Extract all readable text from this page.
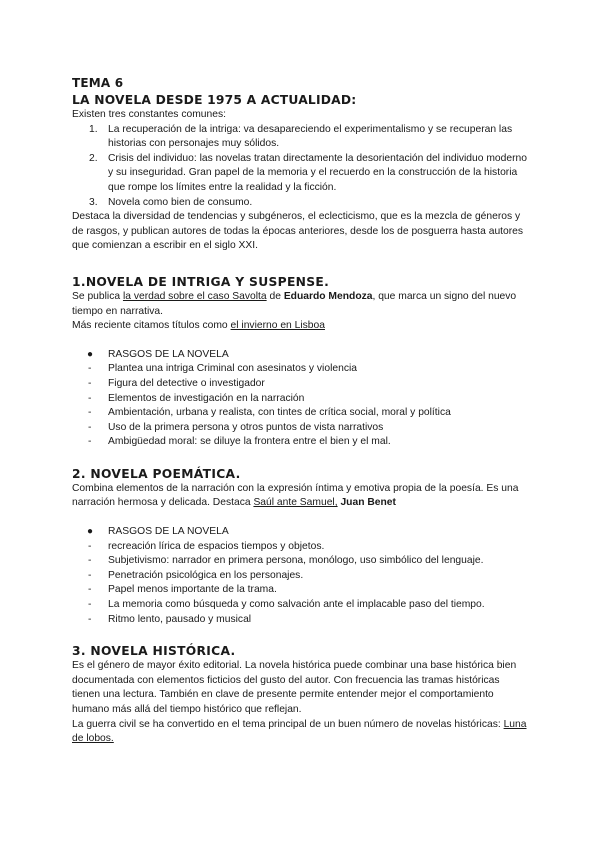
TEMA 6

LA NOVELA DESDE 1975 A ACTUALIDAD:

Existen tres constantes comunes:

1. La recuperación de la intriga: va desapareciendo el experimentalismo y se recuperan las historias con personajes muy sólidos.
2. Crisis del individuo: las novelas tratan directamente la desorientación del individuo moderno y su inseguridad. Gran papel de la memoria y el recuerdo en la construcción de la historia que rompe los límites entre la realidad y la ficción.
3. Novela como bien de consumo.

Destaca la diversidad de tendencias y subgéneros, el eclecticismo, que es la mezcla de géneros y de rasgos, y publican autores de todas la épocas anteriores, desde los de posguerra hasta autores que comienzan a escribir en el siglo XXI.

1.NOVELA DE INTRIGA Y SUSPENSE.

Se publica la verdad sobre el caso Savolta de Eduardo Mendoza, que marca un signo del nuevo tiempo en narrativa.

Más reciente citamos títulos como el invierno en Lisboa

● RASGOS DE LA NOVELA
- Plantea una intriga Criminal con asesinatos y violencia
- Figura del detective o investigador
- Elementos de investigación en la narración
- Ambientación, urbana y realista, con tintes de crítica social, moral y política
- Uso de la primera persona y otros puntos de vista narrativos
- Ambigüedad moral: se diluye la frontera entre el bien y el mal.

2. NOVELA POEMÁTICA.

Combina elementos de la narración con la expresión íntima y emotiva propia de la poesía. Es una narración hermosa y delicada. Destaca Saúl ante Samuel, Juan Benet

● RASGOS DE LA NOVELA
- recreación lírica de espacios tiempos y objetos.
- Subjetivismo: narrador en primera persona, monólogo, uso simbólico del lenguaje.
- Penetración psicológica en los personajes.
- Papel menos importante de la trama.
- La memoria como búsqueda y como salvación ante el implacable paso del tiempo.
- Ritmo lento, pausado y musical

3. NOVELA HISTÓRICA.

Es el género de mayor éxito editorial. La novela histórica puede combinar una base histórica bien documentada con elementos ficticios del gusto del autor. Con frecuencia las tramas históricas tienen una lectura. También en clave de presente permite entender mejor el comportamiento humano más allá del tiempo histórico que reflejan.

La guerra civil se ha convertido en el tema principal de un buen número de novelas históricas: Luna de lobos.
